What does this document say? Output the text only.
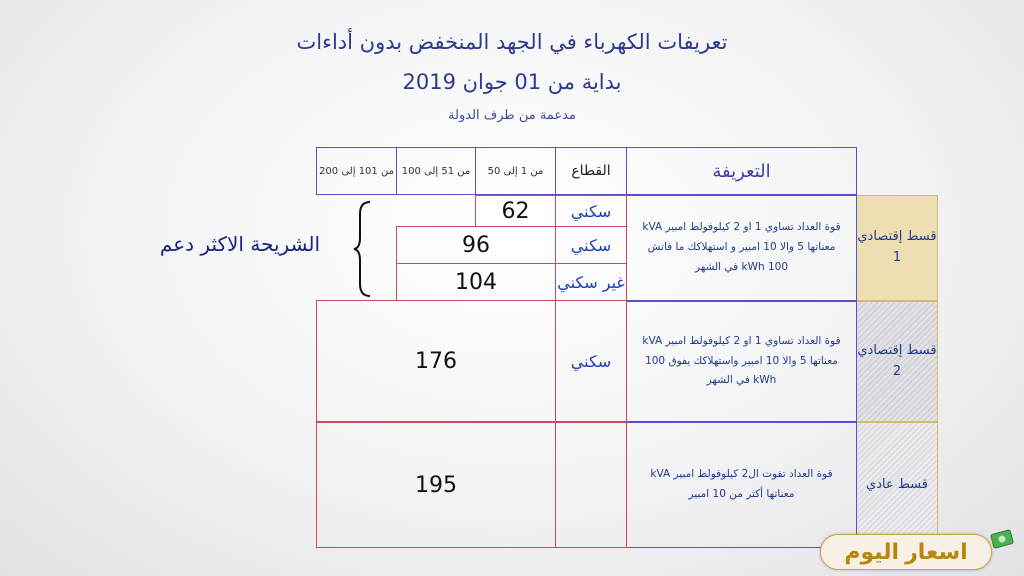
تعريفات الكهرباء في الجهد المنخفض بدون أداءات
بداية من 01 جوان 2019
مدعمة من طرف الدولة
التعريفة
القطاع
من 1 إلى 50
من 51 إلى 100
من 101 إلى 200
قسط إقتصادي 1
قسط إقتصادي 2
قسط عادي
قوة العداد تساوي 1 او 2 كيلوفولط امبير kVA معناتها 5 والا 10 امبير و استهلاكك ما فاتش 100 kWh في الشهر
قوة العداد تساوي 1 او 2 كيلوفولط امبير kVA معناتها 5 والا 10 امبير واستهلاكك يفوق 100 kWh في الشهر
قوة العداد تفوت ال2 كيلوفولط امبير kVA معناتها أكثر من 10 امبير
سكني
سكني
غير سكني
سكني
62
96
104
176
195
الشريحة الاكثر دعم
اسعار
اليوم
